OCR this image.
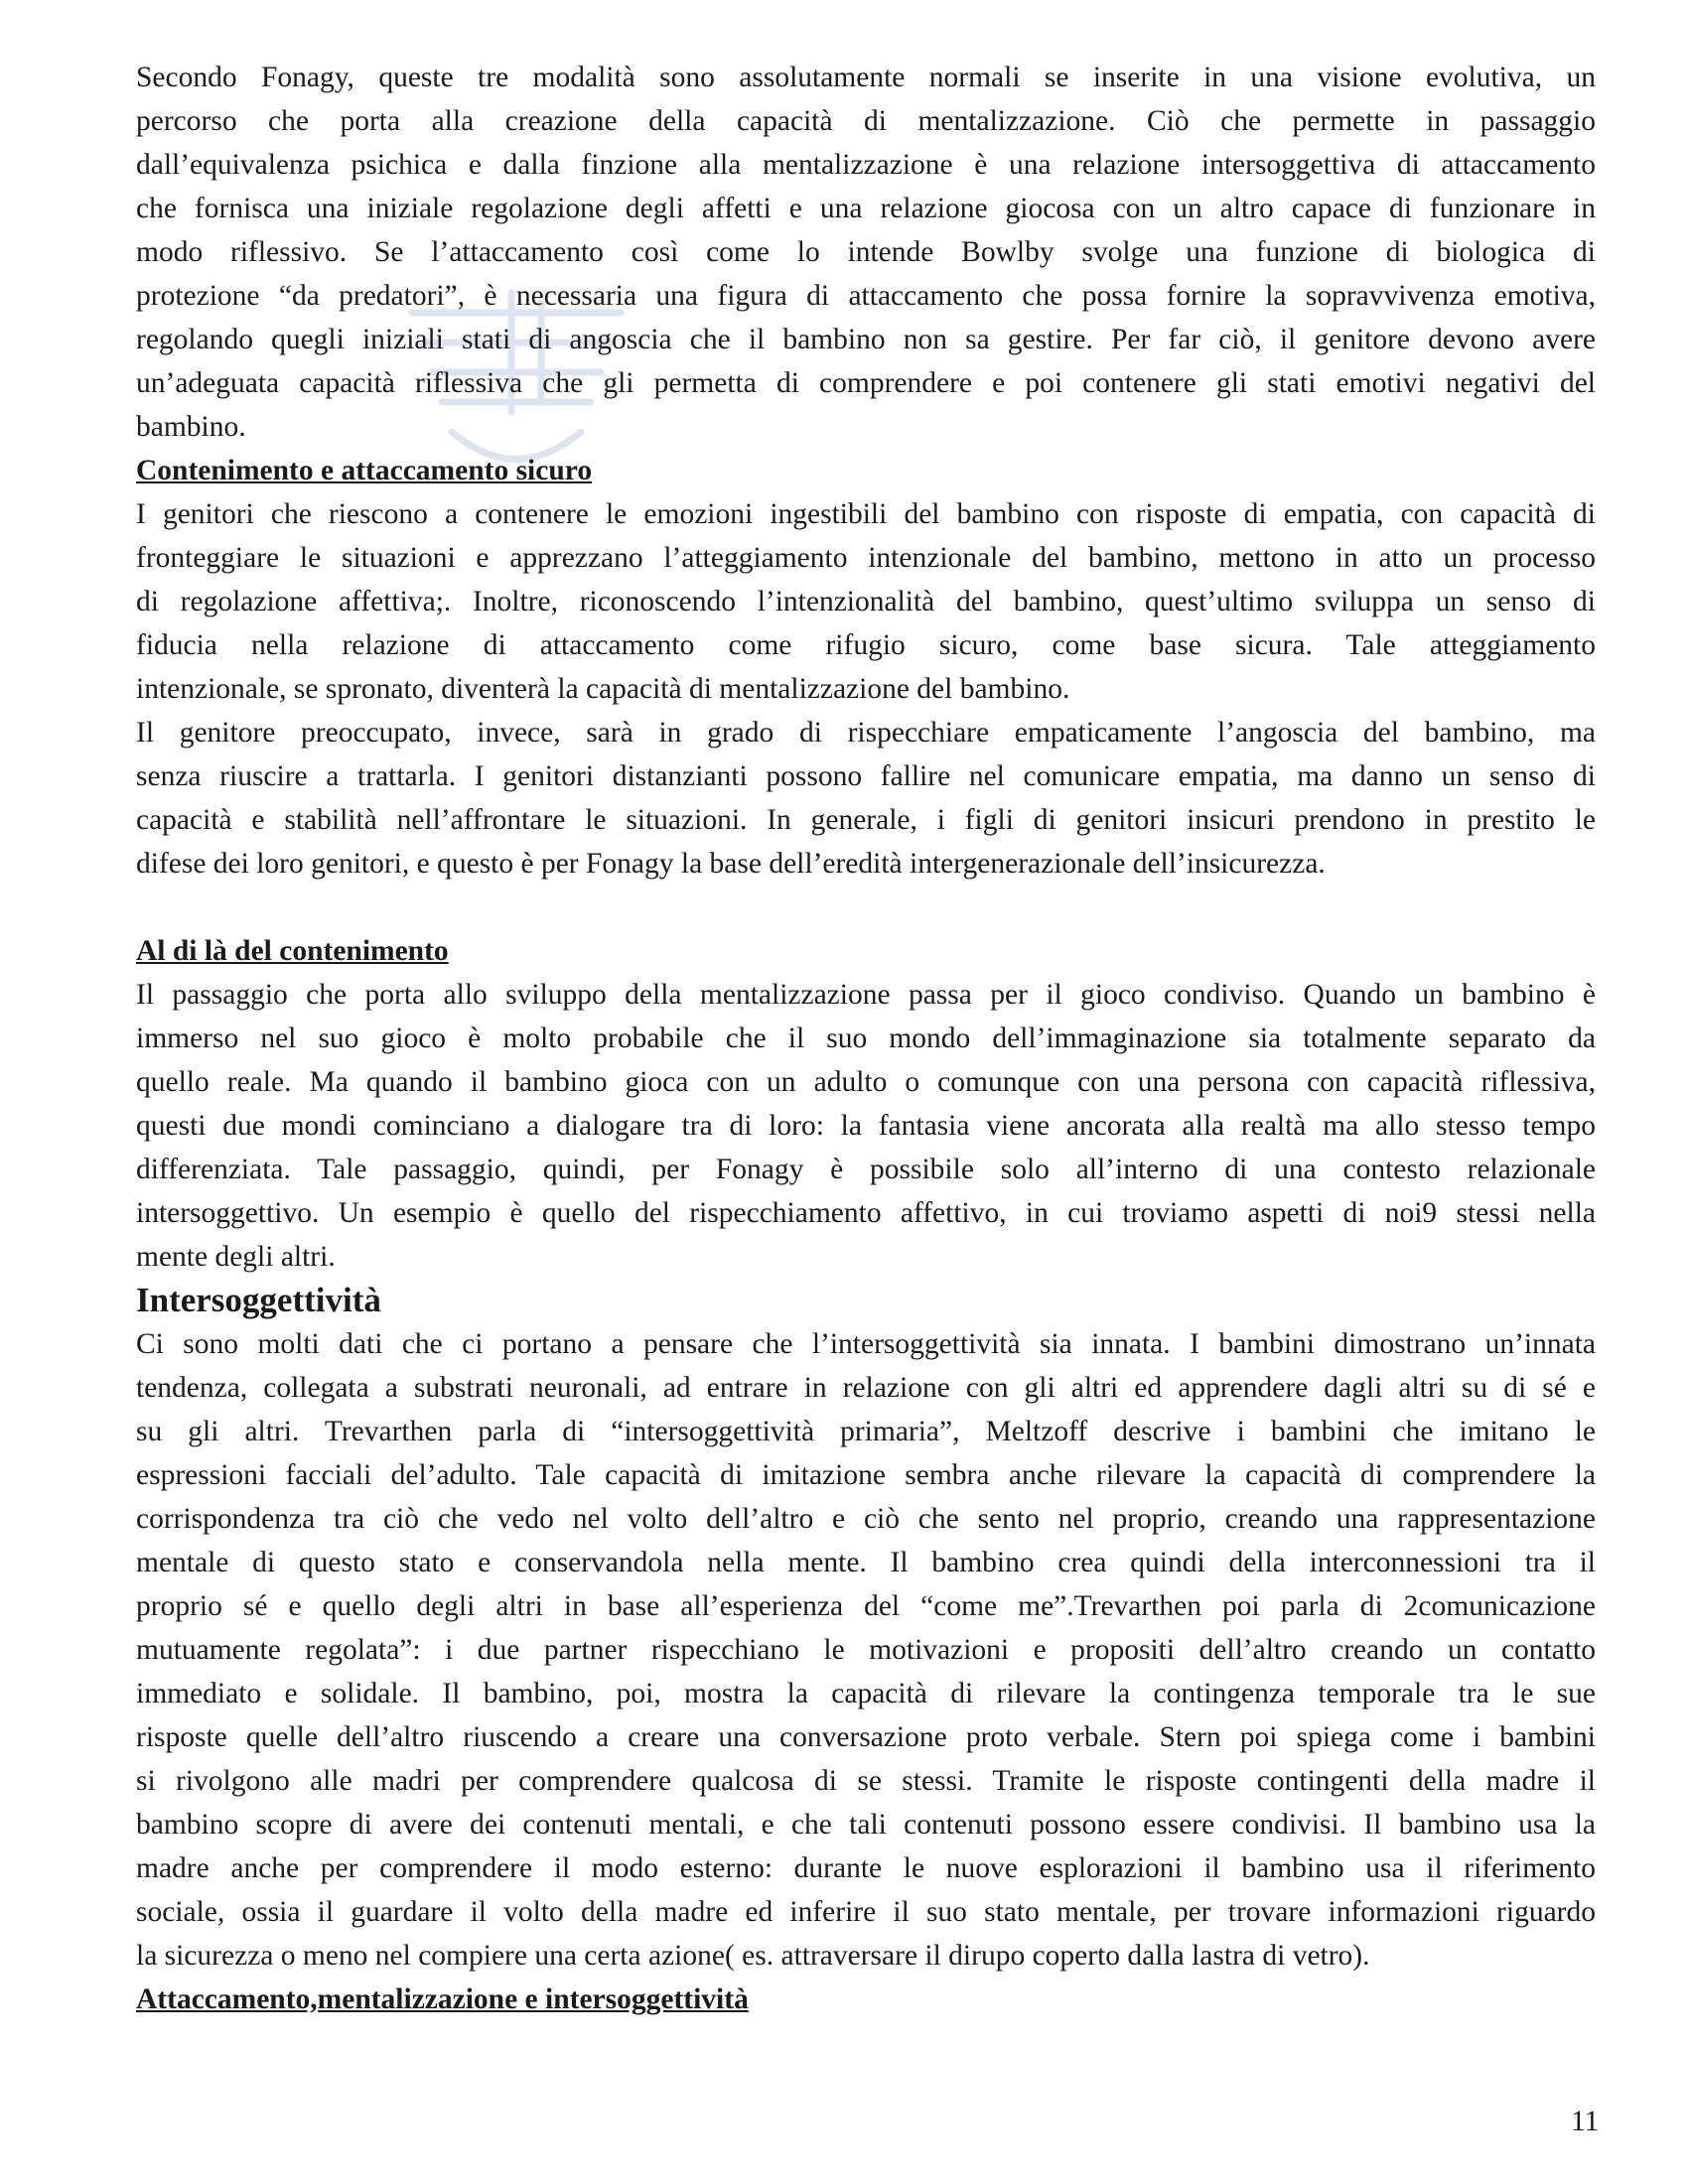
Secondo Fonagy, queste tre modalità sono assolutamente normali se inserite in una visione evolutiva, un
percorso che porta alla creazione della capacità di mentalizzazione. Ciò che permette in passaggio
dall’equivalenza psichica e dalla finzione alla mentalizzazione è una relazione intersoggettiva di attaccamento
che fornisca una iniziale regolazione degli affetti e una relazione giocosa con un altro capace di funzionare in
modo riflessivo. Se l’attaccamento così come lo intende Bowlby svolge una funzione di biologica di
protezione “da predatori”, è necessaria una figura di attaccamento che possa fornire la sopravvivenza emotiva,
regolando quegli iniziali stati di angoscia che il bambino non sa gestire. Per far ciò, il genitore devono avere
un’adeguata capacità riflessiva che gli permetta di comprendere e poi contenere gli stati emotivi negativi del
bambino.
Contenimento e attaccamento sicuro
I genitori che riescono a contenere le emozioni ingestibili del bambino con risposte di empatia, con capacità di
fronteggiare le situazioni e apprezzano l’atteggiamento intenzionale del bambino, mettono in atto un processo
di regolazione affettiva;. Inoltre, riconoscendo l’intenzionalità del bambino, quest’ultimo sviluppa un senso di
fiducia nella relazione di attaccamento come rifugio sicuro, come base sicura. Tale atteggiamento
intenzionale, se spronato, diventerà la capacità di mentalizzazione del bambino.
Il genitore preoccupato, invece, sarà in grado di rispecchiare empaticamente l’angoscia del bambino, ma
senza riuscire a trattarla. I genitori distanzianti possono fallire nel comunicare empatia, ma danno un senso di
capacità e stabilità nell’affrontare le situazioni. In generale, i figli di genitori insicuri prendono in prestito le
difese dei loro genitori, e questo è per Fonagy la base dell’eredità intergenerazionale dell’insicurezza.
Al di là del contenimento
Il passaggio che porta allo sviluppo della mentalizzazione passa per il gioco condiviso. Quando un bambino è
immerso nel suo gioco è molto probabile che il suo mondo dell’immaginazione sia totalmente separato da
quello reale. Ma quando il bambino gioca con un adulto o comunque con una persona con capacità riflessiva,
questi due mondi cominciano a dialogare tra di loro: la fantasia viene ancorata alla realtà ma allo stesso tempo
differenziata. Tale passaggio, quindi, per Fonagy è possibile solo all’interno di una contesto relazionale
intersoggettivo. Un esempio è quello del rispecchiamento affettivo, in cui troviamo aspetti di noi9 stessi nella
mente degli altri.
Intersoggettività
Ci sono molti dati che ci portano a pensare che l’intersoggettività sia innata. I bambini dimostrano un’innata
tendenza, collegata a substrati neuronali, ad entrare in relazione con gli altri ed apprendere dagli altri su di sé e
su gli altri. Trevarthen parla di “intersoggettività primaria”, Meltzoff descrive i bambini che imitano le
espressioni facciali del’adulto. Tale capacità di imitazione sembra anche rilevare la capacità di comprendere la
corrispondenza tra ciò che vedo nel volto dell’altro e ciò che sento nel proprio, creando una rappresentazione
mentale di questo stato e conservandola nella mente. Il bambino crea quindi della interconnessioni tra il
proprio sé e quello degli altri in base all’esperienza del “come me”.Trevarthen poi parla di 2comunicazione
mutuamente regolata”: i due partner rispecchiano le motivazioni e propositi dell’altro creando un contatto
immediato e solidale. Il bambino, poi, mostra la capacità di rilevare la contingenza temporale tra le sue
risposte quelle dell’altro riuscendo a creare una conversazione proto verbale. Stern poi spiega come i bambini
si rivolgono alle madri per comprendere qualcosa di se stessi. Tramite le risposte contingenti della madre il
bambino scopre di avere dei contenuti mentali, e che tali contenuti possono essere condivisi. Il bambino usa la
madre anche per comprendere il modo esterno: durante le nuove esplorazioni il bambino usa il riferimento
sociale, ossia il guardare il volto della madre ed inferire il suo stato mentale, per trovare informazioni riguardo
la sicurezza o meno nel compiere una certa azione( es. attraversare il dirupo coperto dalla lastra di vetro).
Attaccamento,mentalizzazione e intersoggettività
11
